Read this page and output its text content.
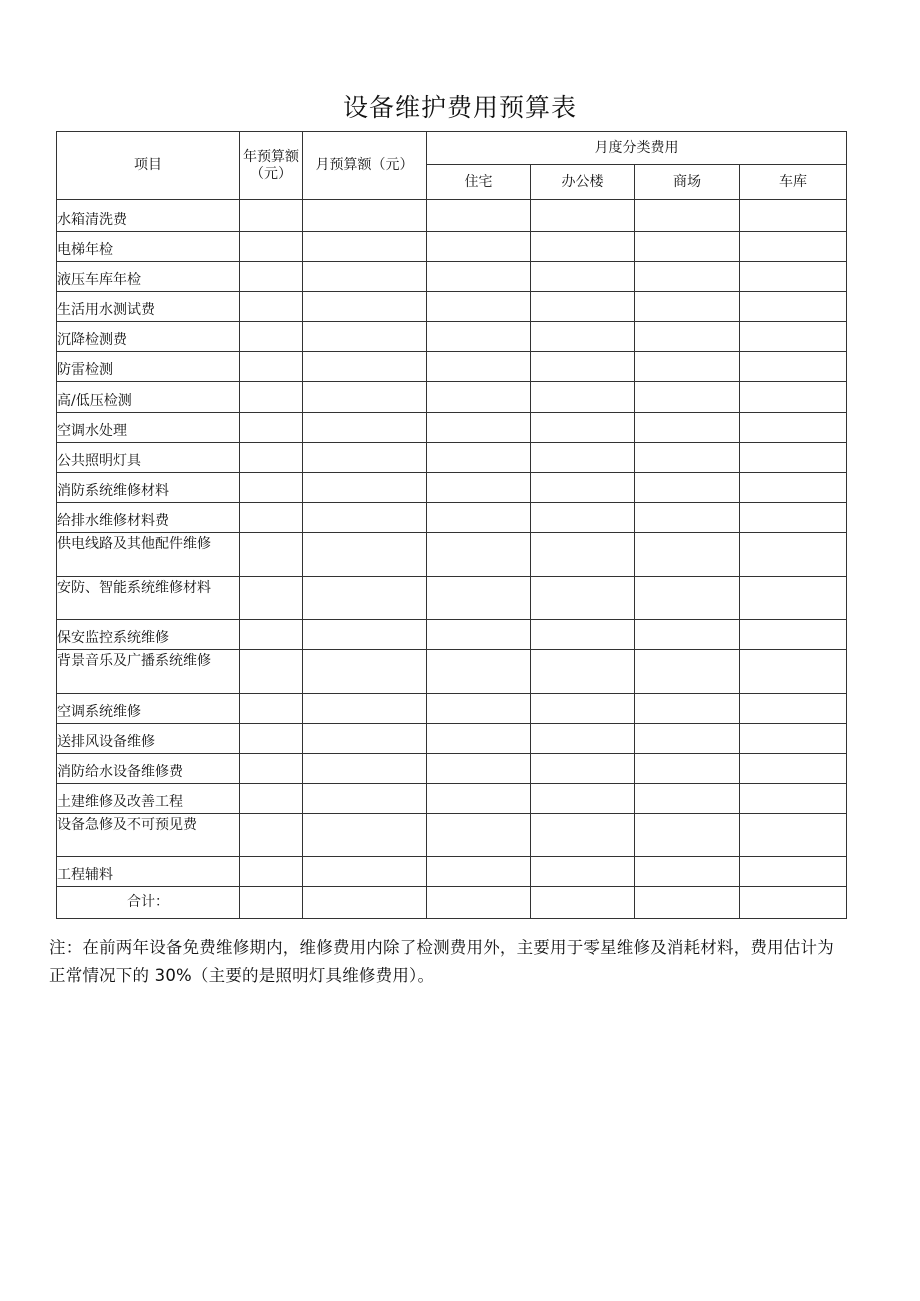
设备维护费用预算表
项目	年预算额（元）	月预算额（元）	月度分类费用			
			住宅	办公楼	商场	车库
水箱清洗费						
电梯年检						
液压车库年检						
生活用水测试费						
沉降检测费						
防雷检测						
高/低压检测						
空调水处理						
公共照明灯具						
消防系统维修材料						
给排水维修材料费						
供电线路及其他配件维修						
安防、智能系统维修材料						
保安监控系统维修						
背景音乐及广播系统维修						
空调系统维修						
送排风设备维修						
消防给水设备维修费						
土建维修及改善工程						
设备急修及不可预见费						
工程辅料						
合计：						
注：在前两年设备免费维修期内，维修费用内除了检测费用外，主要用于零星维修及消耗材料，费用估计为正常情况下的 30%（主要的是照明灯具维修费用）。
